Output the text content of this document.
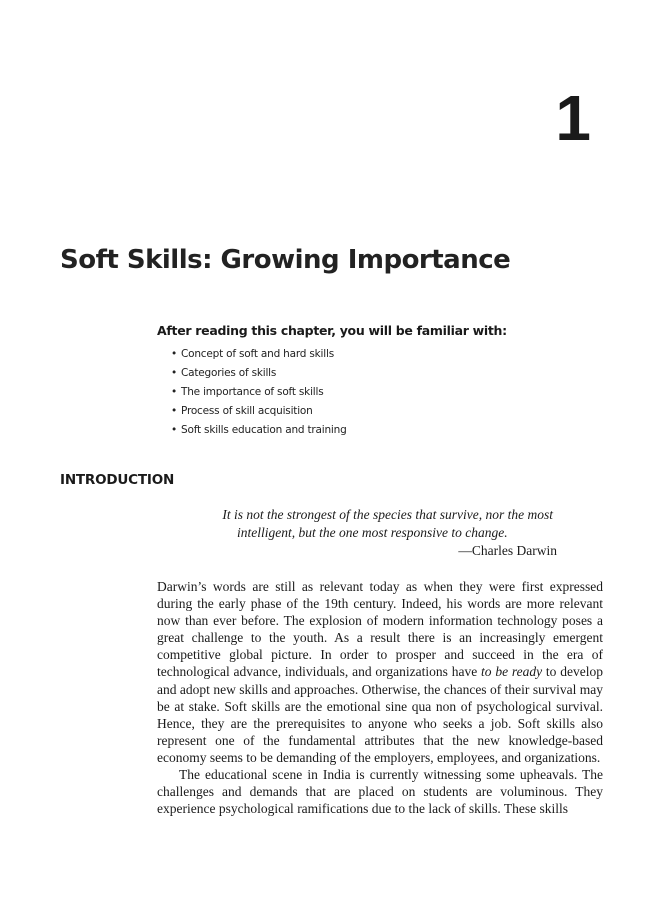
1
Soft Skills: Growing Importance

After reading this chapter, you will be familiar with:

• Concept of soft and hard skills
• Categories of skills
• The importance of soft skills
• Process of skill acquisition
• Soft skills education and training
INTRODUCTION
It is not the strongest of the species that survive, nor the most
intelligent, but the one most responsive to change.
—Charles Darwin

Darwin’s words are still as relevant today as when they were first expressed during the early phase of the 19th century. Indeed, his words are more relevant now than ever before. The explosion of modern information technology poses a great challenge to the youth. As a result there is an increasingly emergent competitive global picture. In order to prosper and succeed in the era of technological advance, individuals, and organizations have to be ready to develop and adopt new skills and approaches. Otherwise, the chances of their survival may be at stake. Soft skills are the emotional sine qua non of psychological survival. Hence, they are the prerequisites to anyone who seeks a job. Soft skills also represent one of the fundamental attributes that the new knowledge-based economy seems to be demanding of the employers, employees, and organizations.

The educational scene in India is currently witnessing some upheavals. The challenges and demands that are placed on students are voluminous. They experience psychological ramifications due to the lack of skills. These skills
